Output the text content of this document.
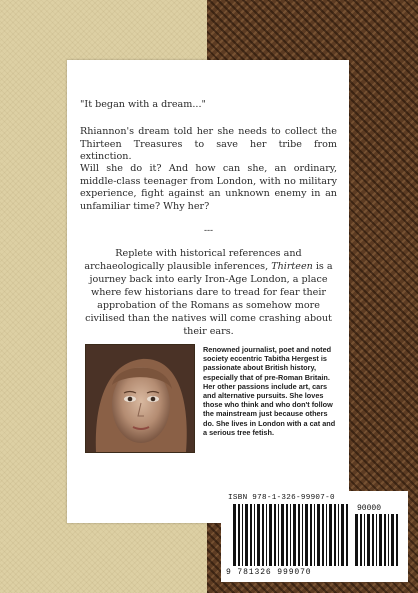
"It began with a dream..."
Rhiannon's dream told her she needs to collect the Thirteen Treasures to save her tribe from extinction.
Will she do it? And how can she, an ordinary, middle-class teenager from London, with no military experience, fight against an unknown enemy in an unfamiliar time? Why her?
---
Replete with historical references and archaeologically plausible inferences, Thirteen is a journey back into early Iron-Age London, a place where few historians dare to tread for fear their approbation of the Romans as somehow more civilised than the natives will come crashing about their ears.
Renowned journalist, poet and noted society eccentric Tabitha Hergest is passionate about British history, especially that of pre-Roman Britain. Her other passions include art, cars and alternative pursuits. She loves those who think and who don't follow the mainstream just because others do. She lives in London with a cat and a serious tree fetish.
ISBN 978-1-326-99907-0
90000
9 781326 999070
